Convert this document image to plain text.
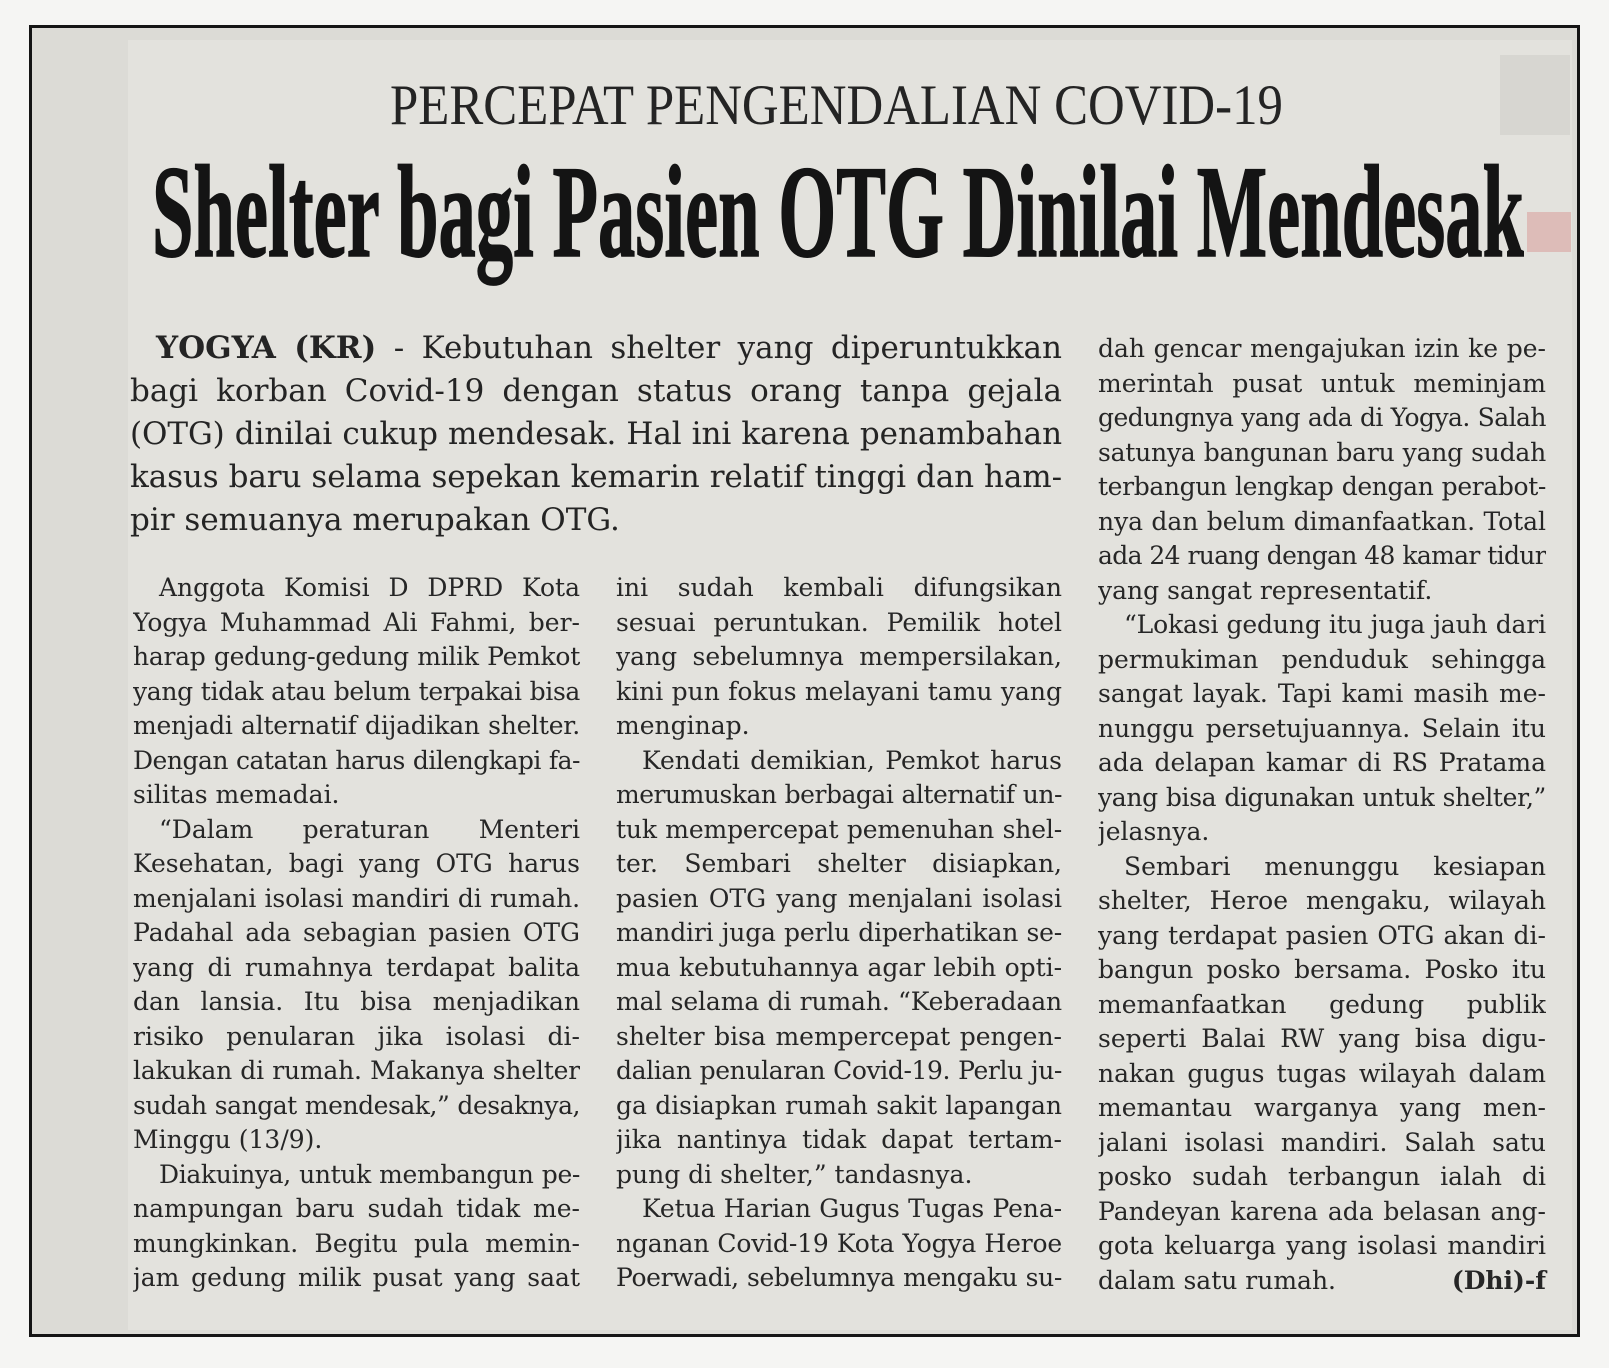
PERCEPAT PENGENDALIAN COVID-19
Shelter bagi Pasien OTG Dinilai Mendesak
YOGYA (KR) - Kebutuhan shelter yang diperuntukkan
bagi korban Covid-19 dengan status orang tanpa gejala
(OTG) dinilai cukup mendesak. Hal ini karena penambahan
kasus baru selama sepekan kemarin relatif tinggi dan ham-
pir semuanya merupakan OTG.
Anggota Komisi D DPRD Kota
Yogya Muhammad Ali Fahmi, ber-
harap gedung-gedung milik Pemkot
yang tidak atau belum terpakai bisa
menjadi alternatif dijadikan shelter.
Dengan catatan harus dilengkapi fa-
silitas memadai.
“Dalam peraturan Menteri
Kesehatan, bagi yang OTG harus
menjalani isolasi mandiri di rumah.
Padahal ada sebagian pasien OTG
yang di rumahnya terdapat balita
dan lansia. Itu bisa menjadikan
risiko penularan jika isolasi di-
lakukan di rumah. Makanya shelter
sudah sangat mendesak,” desaknya,
Minggu (13/9).
Diakuinya, untuk membangun pe-
nampungan baru sudah tidak me-
mungkinkan. Begitu pula memin-
jam gedung milik pusat yang saat
ini sudah kembali difungsikan
sesuai peruntukan. Pemilik hotel
yang sebelumnya mempersilakan,
kini pun fokus melayani tamu yang
menginap.
Kendati demikian, Pemkot harus
merumuskan berbagai alternatif un-
tuk mempercepat pemenuhan shel-
ter. Sembari shelter disiapkan,
pasien OTG yang menjalani isolasi
mandiri juga perlu diperhatikan se-
mua kebutuhannya agar lebih opti-
mal selama di rumah. “Keberadaan
shelter bisa mempercepat pengen-
dalian penularan Covid-19. Perlu ju-
ga disiapkan rumah sakit lapangan
jika nantinya tidak dapat tertam-
pung di shelter,” tandasnya.
Ketua Harian Gugus Tugas Pena-
nganan Covid-19 Kota Yogya Heroe
Poerwadi, sebelumnya mengaku su-
dah gencar mengajukan izin ke pe-
merintah pusat untuk meminjam
gedungnya yang ada di Yogya. Salah
satunya bangunan baru yang sudah
terbangun lengkap dengan perabot-
nya dan belum dimanfaatkan. Total
ada 24 ruang dengan 48 kamar tidur
yang sangat representatif.
“Lokasi gedung itu juga jauh dari
permukiman penduduk sehingga
sangat layak. Tapi kami masih me-
nunggu persetujuannya. Selain itu
ada delapan kamar di RS Pratama
yang bisa digunakan untuk shelter,”
jelasnya.
Sembari menunggu kesiapan
shelter, Heroe mengaku, wilayah
yang terdapat pasien OTG akan di-
bangun posko bersama. Posko itu
memanfaatkan gedung publik
seperti Balai RW yang bisa digu-
nakan gugus tugas wilayah dalam
memantau warganya yang men-
jalani isolasi mandiri. Salah satu
posko sudah terbangun ialah di
Pandeyan karena ada belasan ang-
gota keluarga yang isolasi mandiri
dalam satu rumah.	(Dhi)-f
